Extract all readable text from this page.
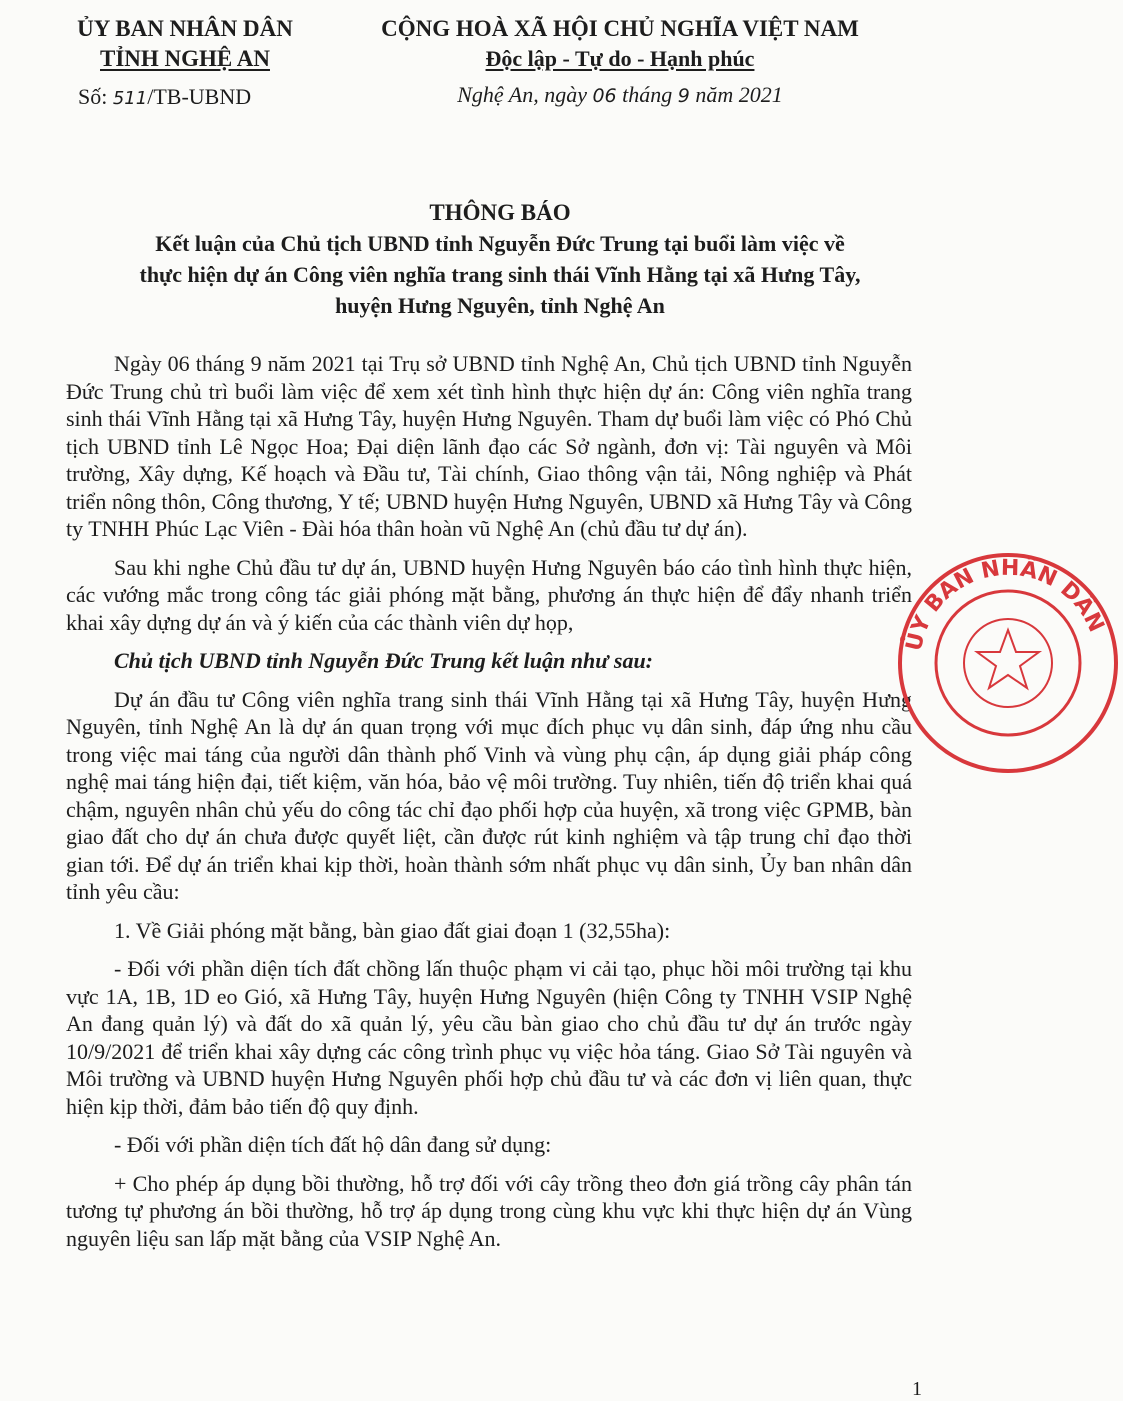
ỦY BAN NHÂN DÂN
TỈNH NGHỆ AN
Số: 511/TB-UBND
CỘNG HOÀ XÃ HỘI CHỦ NGHĨA VIỆT NAM
Độc lập - Tự do - Hạnh phúc
Nghệ An, ngày 06 tháng 9 năm 2021
THÔNG BÁO
Kết luận của Chủ tịch UBND tỉnh Nguyễn Đức Trung tại buổi làm việc về
thực hiện dự án Công viên nghĩa trang sinh thái Vĩnh Hằng tại xã Hưng Tây,
huyện Hưng Nguyên, tỉnh Nghệ An

Ngày 06 tháng 9 năm 2021 tại Trụ sở UBND tỉnh Nghệ An, Chủ tịch UBND tỉnh Nguyễn Đức Trung chủ trì buổi làm việc để xem xét tình hình thực hiện dự án: Công viên nghĩa trang sinh thái Vĩnh Hằng tại xã Hưng Tây, huyện Hưng Nguyên. Tham dự buổi làm việc có Phó Chủ tịch UBND tỉnh Lê Ngọc Hoa; Đại diện lãnh đạo các Sở ngành, đơn vị: Tài nguyên và Môi trường, Xây dựng, Kế hoạch và Đầu tư, Tài chính, Giao thông vận tải, Nông nghiệp và Phát triển nông thôn, Công thương, Y tế; UBND huyện Hưng Nguyên, UBND xã Hưng Tây và Công ty TNHH Phúc Lạc Viên - Đài hóa thân hoàn vũ Nghệ An (chủ đầu tư dự án).

Sau khi nghe Chủ đầu tư dự án, UBND huyện Hưng Nguyên báo cáo tình hình thực hiện, các vướng mắc trong công tác giải phóng mặt bằng, phương án thực hiện để đẩy nhanh triển khai xây dựng dự án và ý kiến của các thành viên dự họp,

Chủ tịch UBND tỉnh Nguyễn Đức Trung kết luận như sau:

Dự án đầu tư Công viên nghĩa trang sinh thái Vĩnh Hằng tại xã Hưng Tây, huyện Hưng Nguyên, tỉnh Nghệ An là dự án quan trọng với mục đích phục vụ dân sinh, đáp ứng nhu cầu trong việc mai táng của người dân thành phố Vinh và vùng phụ cận, áp dụng giải pháp công nghệ mai táng hiện đại, tiết kiệm, văn hóa, bảo vệ môi trường. Tuy nhiên, tiến độ triển khai quá chậm, nguyên nhân chủ yếu do công tác chỉ đạo phối hợp của huyện, xã trong việc GPMB, bàn giao đất cho dự án chưa được quyết liệt, cần được rút kinh nghiệm và tập trung chỉ đạo thời gian tới. Để dự án triển khai kịp thời, hoàn thành sớm nhất phục vụ dân sinh, Ủy ban nhân dân tỉnh yêu cầu:

1. Về Giải phóng mặt bằng, bàn giao đất giai đoạn 1 (32,55ha):

- Đối với phần diện tích đất chồng lấn thuộc phạm vi cải tạo, phục hồi môi trường tại khu vực 1A, 1B, 1D eo Gió, xã Hưng Tây, huyện Hưng Nguyên (hiện Công ty TNHH VSIP Nghệ An đang quản lý) và đất do xã quản lý, yêu cầu bàn giao cho chủ đầu tư dự án trước ngày 10/9/2021 để triển khai xây dựng các công trình phục vụ việc hỏa táng. Giao Sở Tài nguyên và Môi trường và UBND huyện Hưng Nguyên phối hợp chủ đầu tư và các đơn vị liên quan, thực hiện kịp thời, đảm bảo tiến độ quy định.

- Đối với phần diện tích đất hộ dân đang sử dụng:

+ Cho phép áp dụng bồi thường, hỗ trợ đối với cây trồng theo đơn giá trồng cây phân tán tương tự phương án bồi thường, hỗ trợ áp dụng trong cùng khu vực khi thực hiện dự án Vùng nguyên liệu san lấp mặt bằng của VSIP Nghệ An.

ỦY BAN NHÂN DÂN
1
